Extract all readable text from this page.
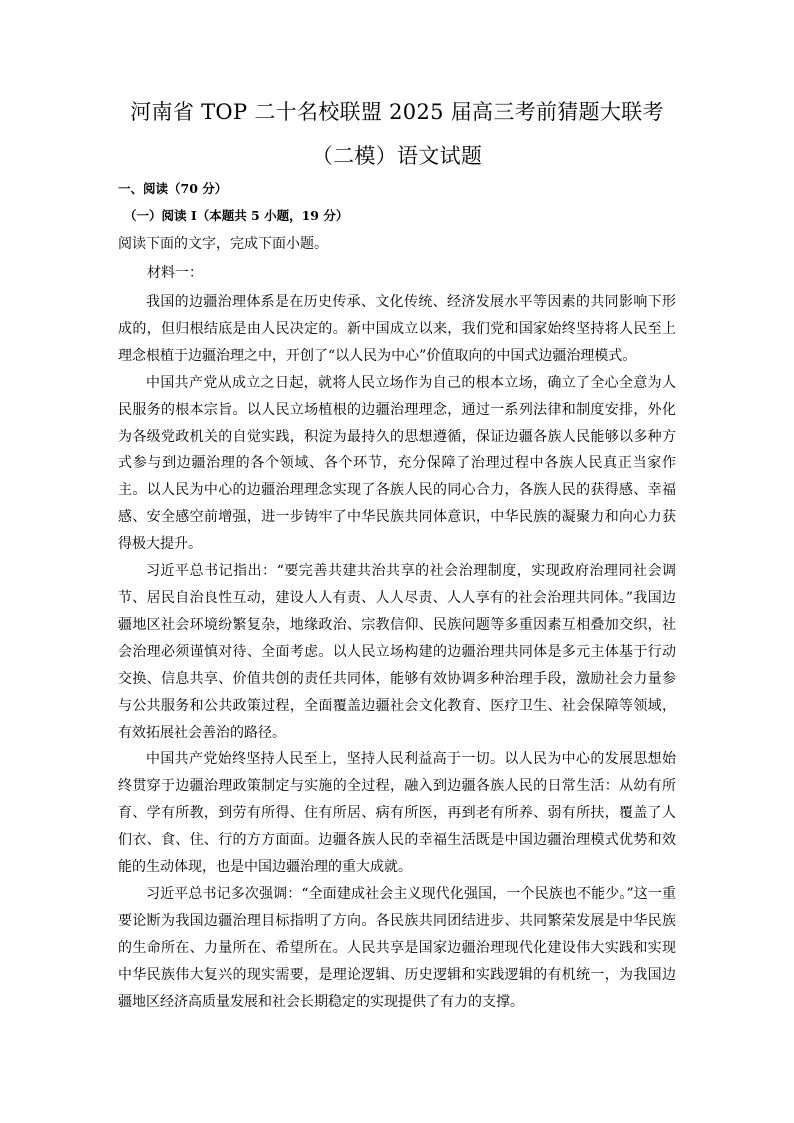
河南省 TOP 二十名校联盟 2025 届高三考前猜题大联考
（二模）语文试题
一、阅读（70 分）
（一）阅读 I（本题共 5 小题，19 分）
阅读下面的文字，完成下面小题。
材料一：

我国的边疆治理体系是在历史传承、文化传统、经济发展水平等因素的共同影响下形成的，但归根结底是由人民决定的。新中国成立以来，我们党和国家始终坚持将人民至上理念根植于边疆治理之中，开创了“以人民为中心”价值取向的中国式边疆治理模式。

中国共产党从成立之日起，就将人民立场作为自己的根本立场，确立了全心全意为人民服务的根本宗旨。以人民立场植根的边疆治理理念，通过一系列法律和制度安排，外化为各级党政机关的自觉实践，积淀为最持久的思想遵循，保证边疆各族人民能够以多种方式参与到边疆治理的各个领域、各个环节，充分保障了治理过程中各族人民真正当家作主。以人民为中心的边疆治理理念实现了各族人民的同心合力，各族人民的获得感、幸福感、安全感空前增强，进一步铸牢了中华民族共同体意识，中华民族的凝聚力和向心力获得极大提升。

习近平总书记指出：“要完善共建共治共享的社会治理制度，实现政府治理同社会调节、居民自治良性互动，建设人人有责、人人尽责、人人享有的社会治理共同体。”我国边疆地区社会环境纷繁复杂，地缘政治、宗教信仰、民族问题等多重因素互相叠加交织，社会治理必须谨慎对待、全面考虑。以人民立场构建的边疆治理共同体是多元主体基于行动交换、信息共享、价值共创的责任共同体，能够有效协调多种治理手段，激励社会力量参与公共服务和公共政策过程，全面覆盖边疆社会文化教育、医疗卫生、社会保障等领域，有效拓展社会善治的路径。

中国共产党始终坚持人民至上，坚持人民利益高于一切。以人民为中心的发展思想始终贯穿于边疆治理政策制定与实施的全过程，融入到边疆各族人民的日常生活：从幼有所育、学有所教，到劳有所得、住有所居、病有所医，再到老有所养、弱有所扶，覆盖了人们衣、食、住、行的方方面面。边疆各族人民的幸福生活既是中国边疆治理模式优势和效能的生动体现，也是中国边疆治理的重大成就。

习近平总书记多次强调：“全面建成社会主义现代化强国，一个民族也不能少。”这一重要论断为我国边疆治理目标指明了方向。各民族共同团结进步、共同繁荣发展是中华民族的生命所在、力量所在、希望所在。人民共享是国家边疆治理现代化建设伟大实践和实现中华民族伟大复兴的现实需要，是理论逻辑、历史逻辑和实践逻辑的有机统一，为我国边疆地区经济高质量发展和社会长期稳定的实现提供了有力的支撑。
